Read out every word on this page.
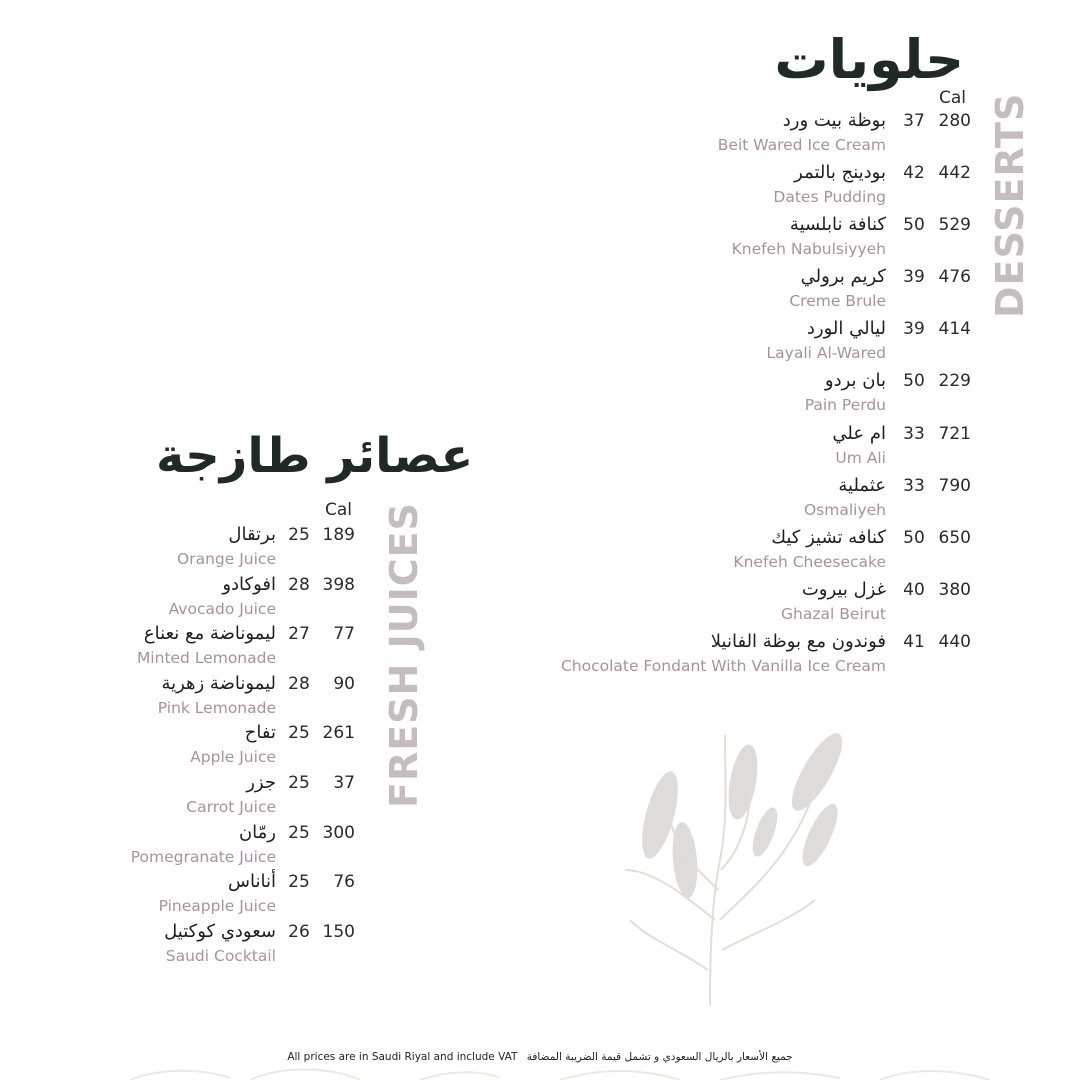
حلويات
Cal DESSERTS
بوظة بيت ورد 37 280
Beit Wared Ice Cream
بودينج بالتمر 42 442
Dates Pudding
كنافة نابلسية 50 529
Knefeh Nabulsiyyeh
كريم برولي 39 476
Creme Brule
ليالي الورد 39 414
Layali Al-Wared
بان بردو 50 229
Pain Perdu
ام علي 33 721
Um Ali
عثملية 33 790
Osmaliyeh
كنافه تشيز كيك 50 650
Knefeh Cheesecake
غزل بيروت 40 380
Ghazal Beirut
فوندون مع بوظة الفانيلا 41 440
Chocolate Fondant With Vanilla Ice Cream
عصائر طازجة
Cal FRESH JUICES
برتقال 25 189
Orange Juice
افوكادو 28 398
Avocado Juice
ليموناضة مع نعناع 27	77
Minted Lemonade
ليموناضة زهرية 28	90
Pink Lemonade
تفاح 25 261
Apple Juice
جزر 25	37
Carrot Juice
رمّان 25 300
Pomegranate Juice
أناناس 25	76
Pineapple Juice
سعودي كوكتيل 26 150
Saudi Cocktail
All prices are in Saudi Riyal and include VAT جميع الأسعار بالريال السعودي و تشمل قيمة الضريبة المضافة
